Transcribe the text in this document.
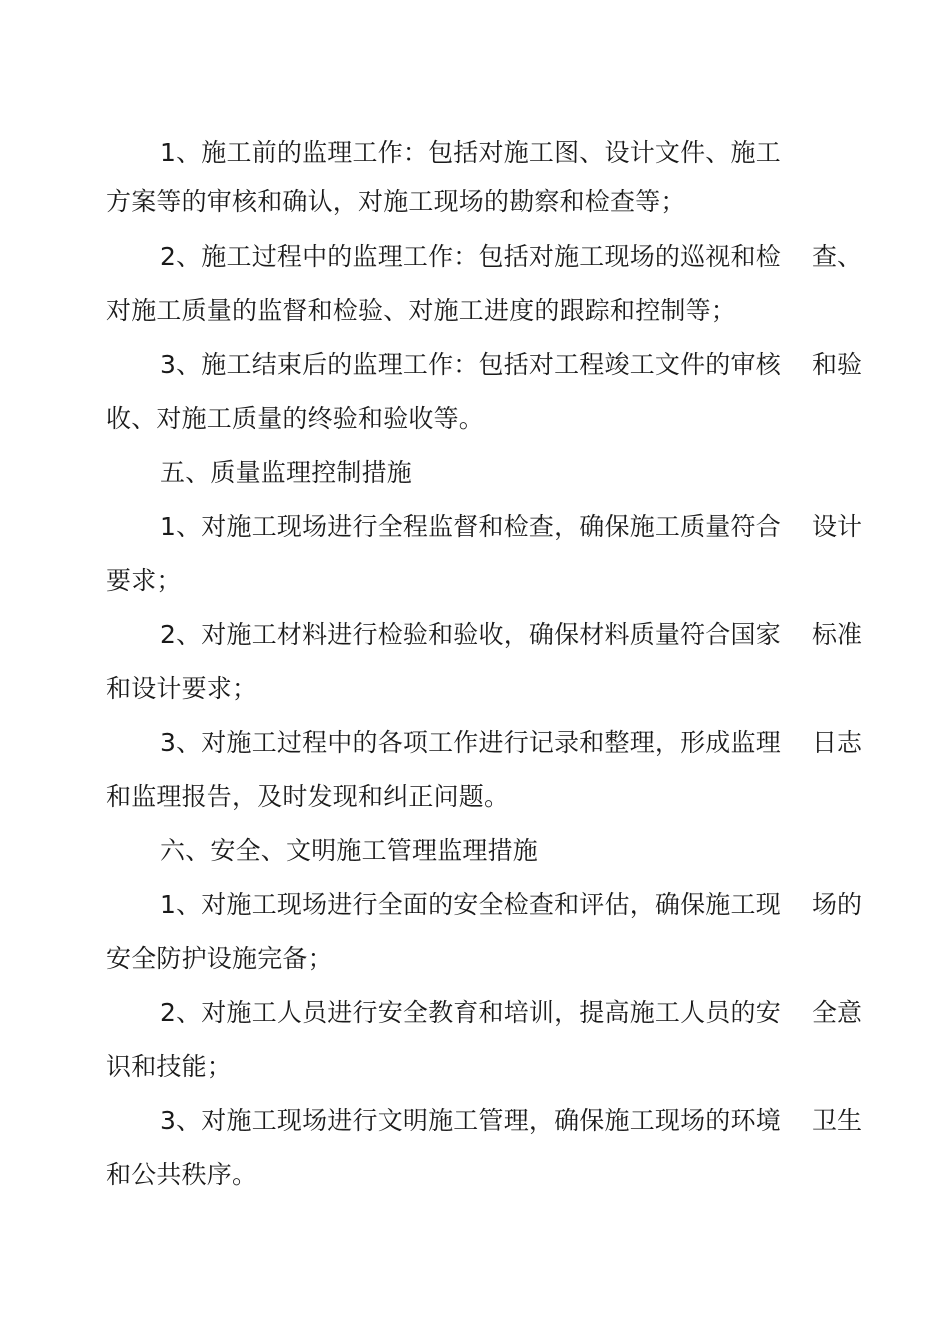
1、施工前的监理工作：包括对施工图、设计文件、施工
方案等的审核和确认，对施工现场的勘察和检查等；
2、施工过程中的监理工作：包括对施工现场的巡视和检 查、
对施工质量的监督和检验、对施工进度的跟踪和控制等；
3、施工结束后的监理工作：包括对工程竣工文件的审核 和验
收、对施工质量的终验和验收等。
五、质量监理控制措施
1、对施工现场进行全程监督和检查，确保施工质量符合 设计
要求；
2、对施工材料进行检验和验收，确保材料质量符合国家 标准
和设计要求；
3、对施工过程中的各项工作进行记录和整理，形成监理 日志
和监理报告，及时发现和纠正问题。
六、安全、文明施工管理监理措施
1、对施工现场进行全面的安全检查和评估，确保施工现 场的
安全防护设施完备；
2、对施工人员进行安全教育和培训，提高施工人员的安 全意
识和技能；
3、对施工现场进行文明施工管理，确保施工现场的环境 卫生
和公共秩序。
